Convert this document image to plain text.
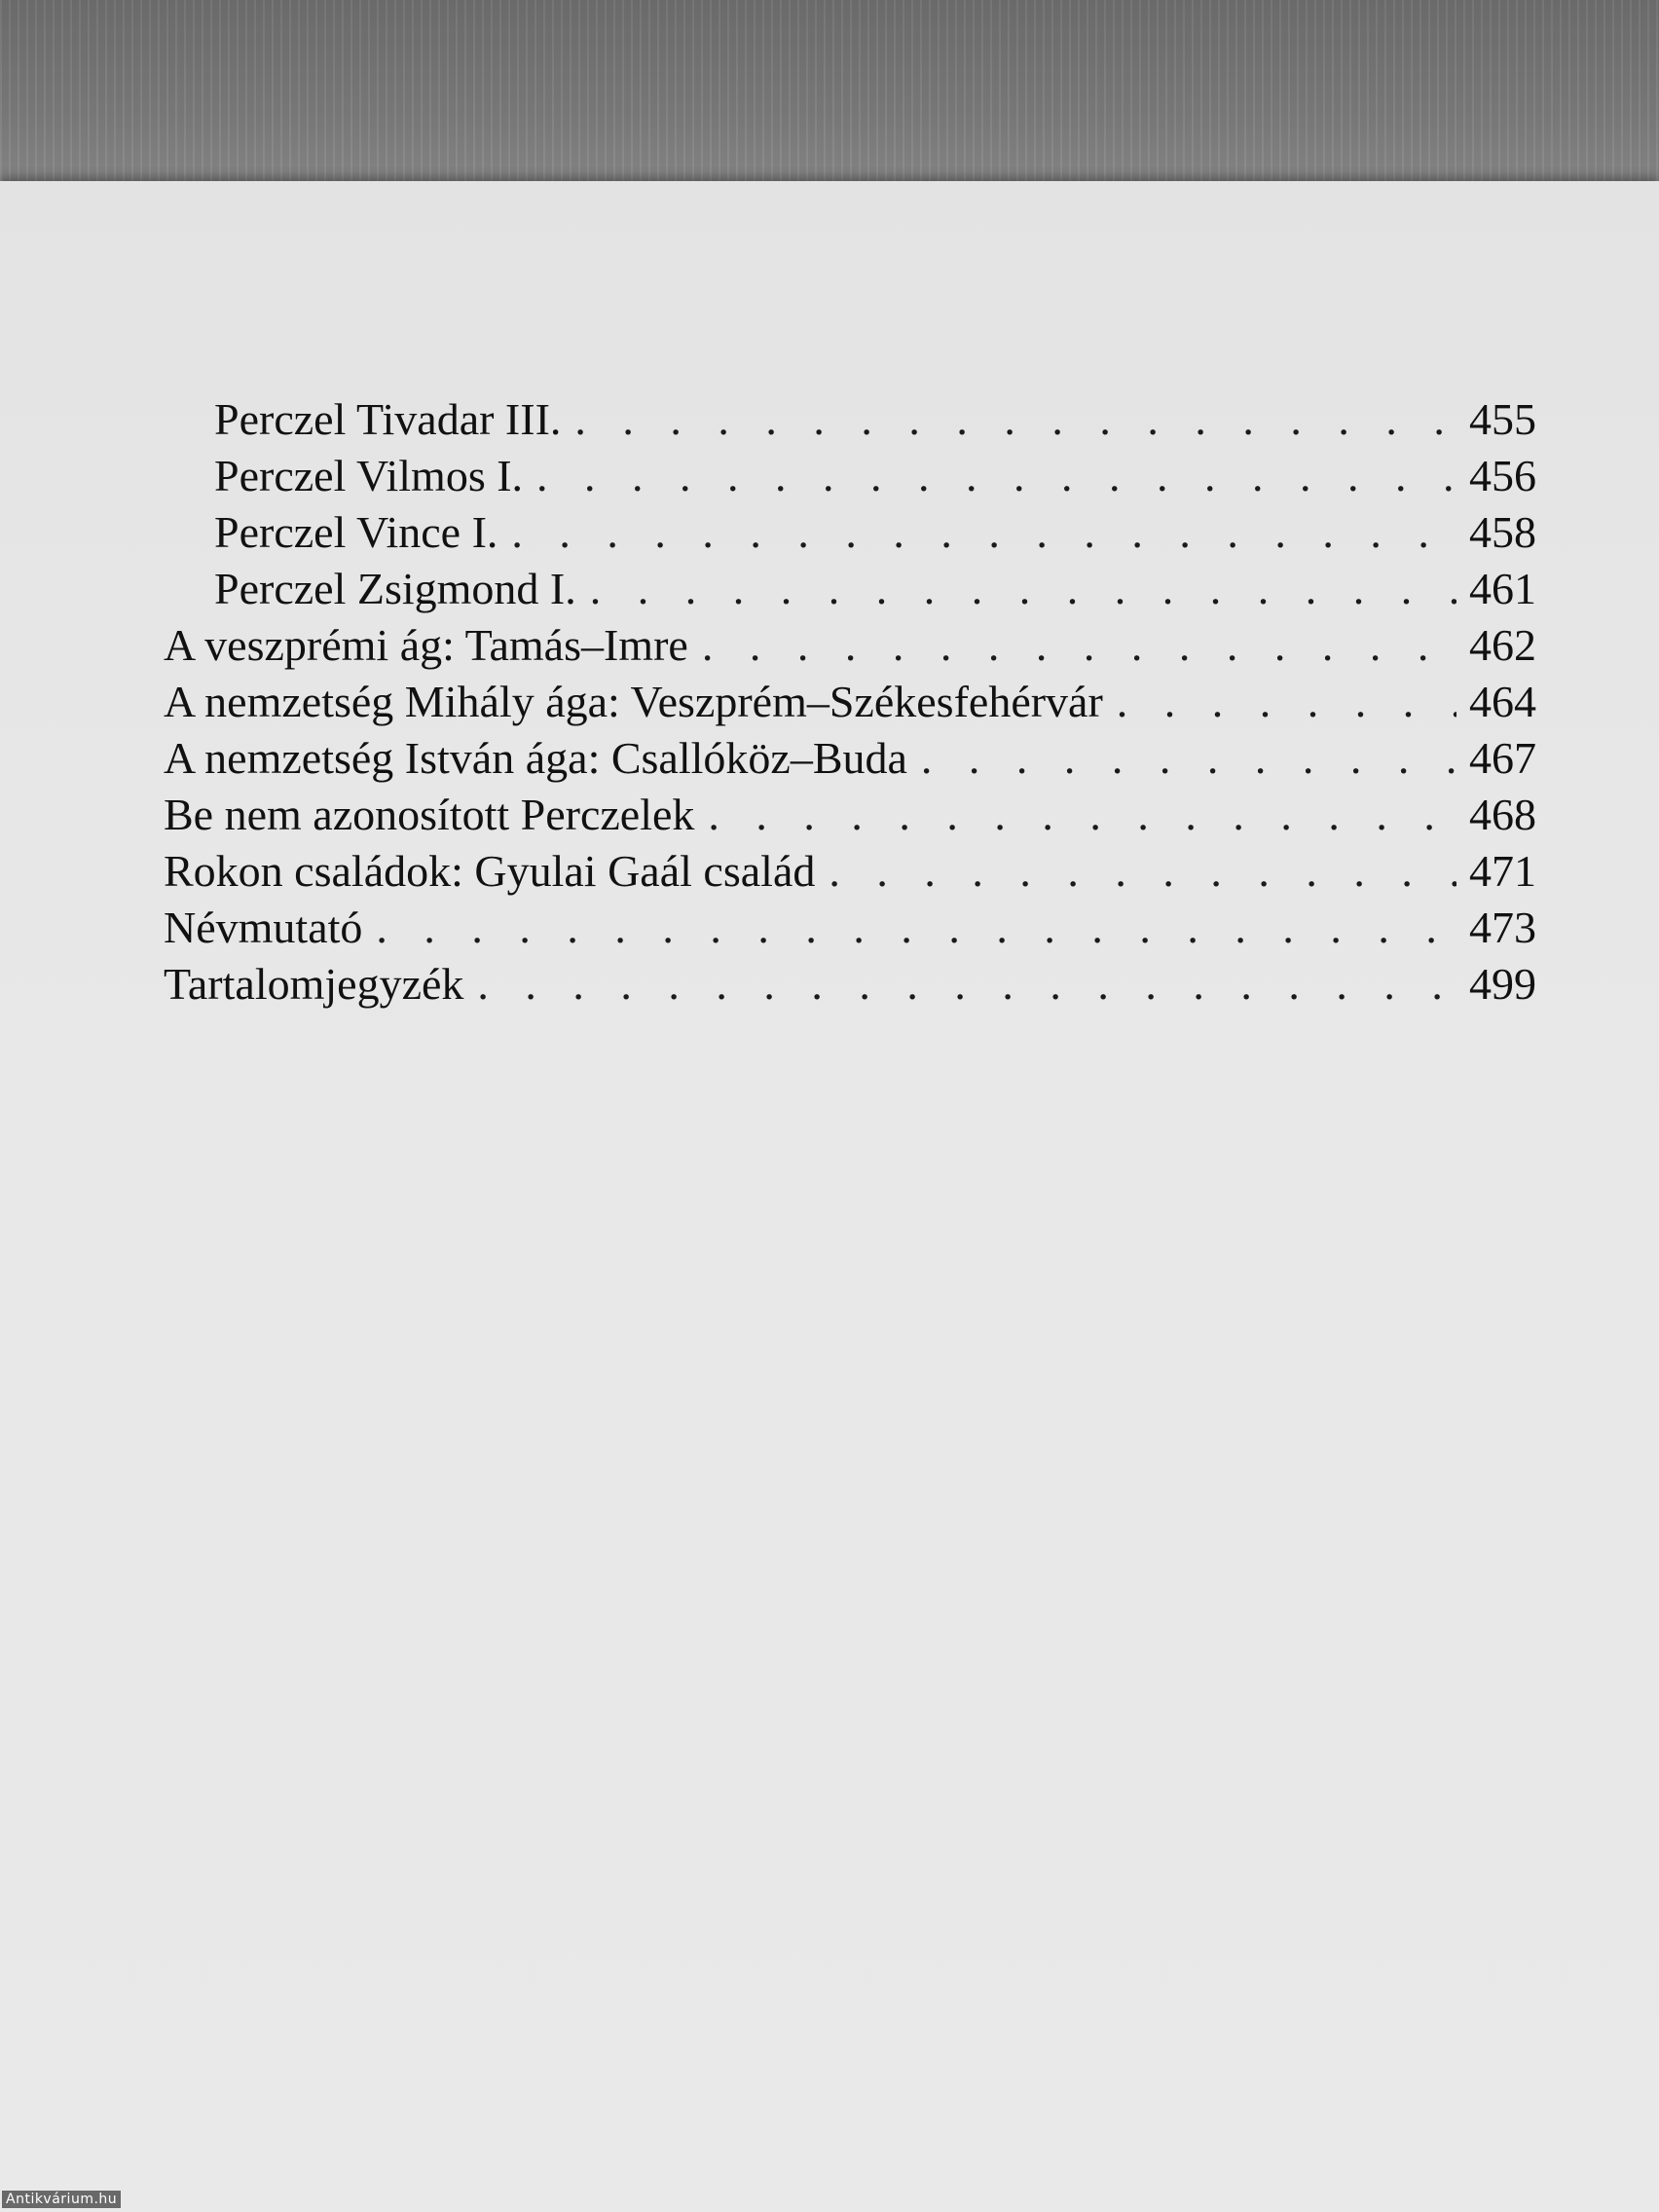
Perczel Tivadar III. . . .	455
Perczel Vilmos I. . . .	456
Perczel Vince I. . . .	458
Perczel Zsigmond I. . . .	461
A veszprémi ág: Tamás–Imre . . .	462
A nemzetség Mihály ága: Veszprém–Székesfehérvár . . .	464
A nemzetség István ága: Csallóköz–Buda . . .	467
Be nem azonosított Perczelek . . .	468
Rokon családok: Gyulai Gaál család . . .	471
Névmutató . . .	473
Tartalomjegyzék . . .	499
Antikvárium.hu
